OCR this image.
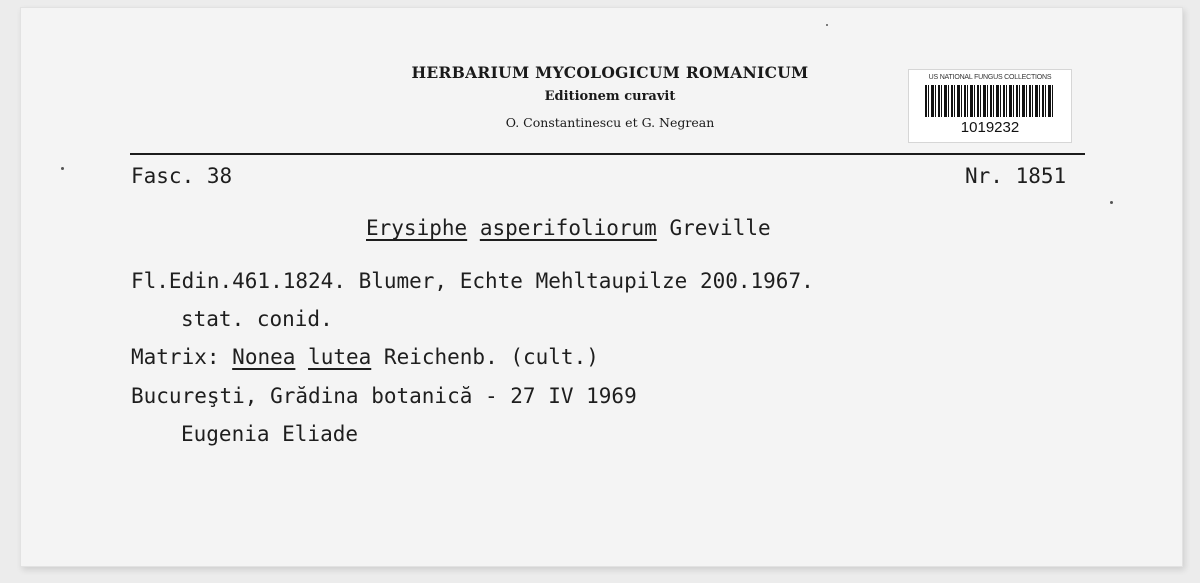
HERBARIUM MYCOLOGICUM ROMANICUM
Editionem curavit
O. Constantinescu et G. Negrean
US NATIONAL FUNGUS COLLECTIONS
1019232
Fasc. 38	Nr. 1851
Erysiphe asperifoliorum Greville
Fl.Edin.461.1824. Blumer, Echte Mehltaupilze 200.1967.
stat. conid.
Matrix: Nonea lutea Reichenb. (cult.)
Bucureşti, Grădina botanică - 27 IV 1969
Eugenia Eliade
